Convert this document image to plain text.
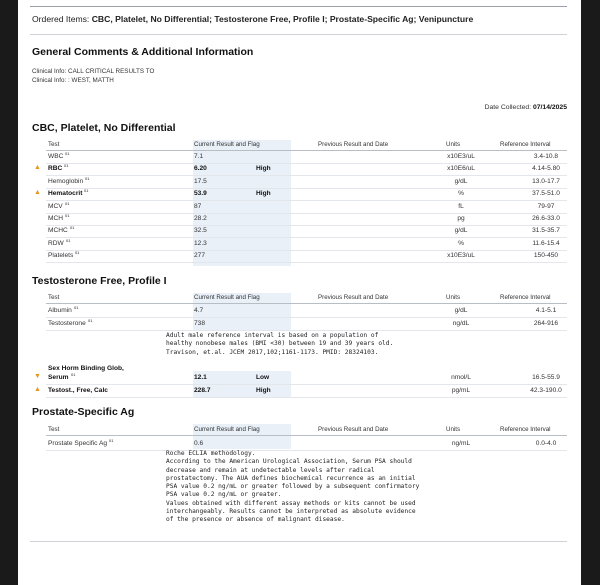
Ordered Items: CBC, Platelet, No Differential; Testosterone Free, Profile I; Prostate-Specific Ag; Venipuncture
General Comments & Additional Information
Clinical Info: CALL CRITICAL RESULTS TO
Clinical Info: : WEST, MATTH
Date Collected: 07/14/2025
CBC, Platelet, No Differential
Test	Current Result and Flag	Previous Result and Date	Units	Reference Interval
WBC 01	7.1	x10E3/uL	3.4-10.8
▲ RBC 01	6.20	High	x10E6/uL	4.14-5.80
Hemoglobin 01	17.5	g/dL	13.0-17.7
▲ Hematocrit 01	53.9	High	%	37.5-51.0
MCV 01	87	fL	79-97
MCH 01	28.2	pg	26.6-33.0
MCHC 01	32.5	g/dL	31.5-35.7
RDW 01	12.3	%	11.6-15.4
Platelets 01	277	x10E3/uL	150-450
Testosterone Free, Profile I
Test	Current Result and Flag	Previous Result and Date	Units	Reference Interval
Albumin 01	4.7	g/dL	4.1-5.1
Testosterone 01	738	ng/dL	264-916
Adult male reference interval is based on a population of
healthy nonobese males (BMI <30) between 19 and 39 years old.
Travison, et.al. JCEM 2017,102;1161-1173. PMID: 28324103.
Sex Horm Binding Glob,
▼ Serum 01	12.1	Low	nmol/L	16.5-55.9
▲ Testost., Free, Calc	228.7	High	pg/mL	42.3-190.0
Prostate-Specific Ag
Test	Current Result and Flag	Previous Result and Date	Units	Reference Interval
Prostate Specific Ag 01	0.6	ng/mL	0.0-4.0
Roche ECLIA methodology.
According to the American Urological Association, Serum PSA should
decrease and remain at undetectable levels after radical
prostatectomy. The AUA defines biochemical recurrence as an initial
PSA value 0.2 ng/mL or greater followed by a subsequent confirmatory
PSA value 0.2 ng/mL or greater.
Values obtained with different assay methods or kits cannot be used
interchangeably. Results cannot be interpreted as absolute evidence
of the presence or absence of malignant disease.
